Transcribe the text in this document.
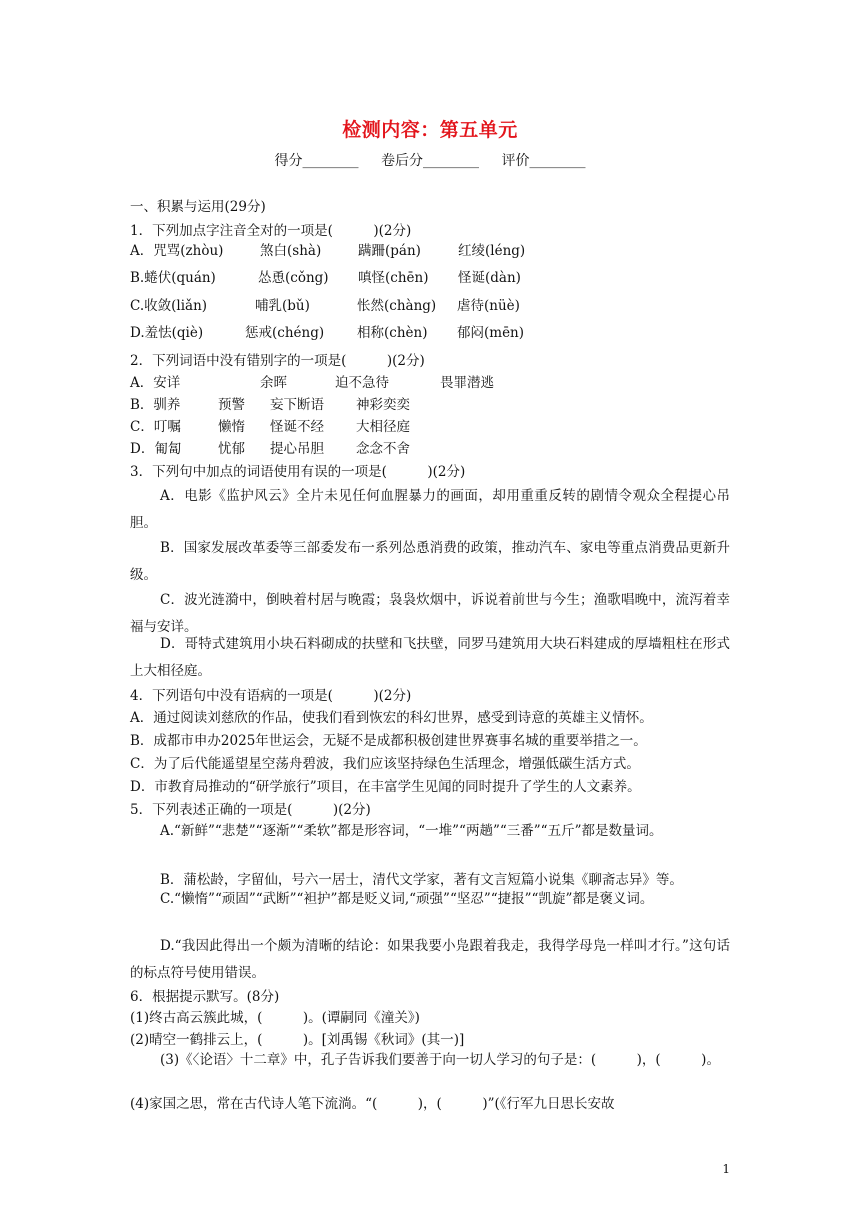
检测内容：第五单元
得分________ 卷后分________ 评价________
一、积累与运用(29分)
1．下列加点字注音全对的一项是(　　　)(2分)
A．咒骂(zhòu)	煞白(shà)	蹒跚(pán)	红绫(léng)
B.蜷伏(quán)	怂恿(cǒng) 嗔怪(chēn) 怪诞(dàn)
C.收敛(liǎn)	哺乳(bǔ)	怅然(chàng) 虐待(nüè)
D.羞怯(qiè)	惩戒(chéng) 相称(chèn) 郁闷(mēn)
2．下列词语中没有错别字的一项是(　　　)(2分)
A．安详	余晖	迫不急待	畏罪潜逃
B．驯养	预警 妄下断语 神彩奕奕
C．叮嘱	懒惰 怪诞不经 大相径庭
D．匍匐	忧郁 提心吊胆 念念不舍
3．下列句中加点的词语使用有误的一项是(　　　)(2分)
A．电影《监护风云》全片未见任何血腥暴力的画面，却用重重反转的剧情令观众全程提心吊胆。
B．国家发展改革委等三部委发布一系列怂恿消费的政策，推动汽车、家电等重点消费品更新升级。
C．波光涟漪中，倒映着村居与晚霞；袅袅炊烟中，诉说着前世与今生；渔歌唱晚中，流泻着幸福与安详。
D．哥特式建筑用小块石料砌成的扶壁和飞扶壁，同罗马建筑用大块石料建成的厚墙粗柱在形式上大相径庭。
4．下列语句中没有语病的一项是(　　　)(2分)
A．通过阅读刘慈欣的作品，使我们看到恢宏的科幻世界，感受到诗意的英雄主义情怀。
B．成都市申办2025年世运会，无疑不是成都积极创建世界赛事名城的重要举措之一。
C．为了后代能遥望星空荡舟碧波，我们应该坚持绿色生活理念，增强低碳生活方式。
D．市教育局推动的“研学旅行”项目，在丰富学生见闻的同时提升了学生的人文素养。
5．下列表述正确的一项是(　　　)(2分)
A.“新鲜”“悲楚”“逐渐”“柔软”都是形容词，“一堆”“两趟”“三番”“五斤”都是数量词。
B．蒲松龄，字留仙，号六一居士，清代文学家，著有文言短篇小说集《聊斋志异》等。
C.“懒惰”“顽固”“武断”“袒护”都是贬义词,“顽强”“坚忍”“捷报”“凯旋”都是褒义词。
D.“我因此得出一个颇为清晰的结论：如果我要小凫跟着我走，我得学母凫一样叫才行。”这句话的标点符号使用错误。
6．根据提示默写。(8分)
(1)终古高云簇此城，(　　　)。(谭嗣同《潼关》)
(2)晴空一鹤排云上，(　　　)。[刘禹锡《秋词》(其一)]
(3)《〈论语〉十二章》中，孔子告诉我们要善于向一切人学习的句子是：(　　　)，(　　　)。
(4)家国之思，常在古代诗人笔下流淌。“(　　　)，(　　　)”(《行军九日思长安故
1
